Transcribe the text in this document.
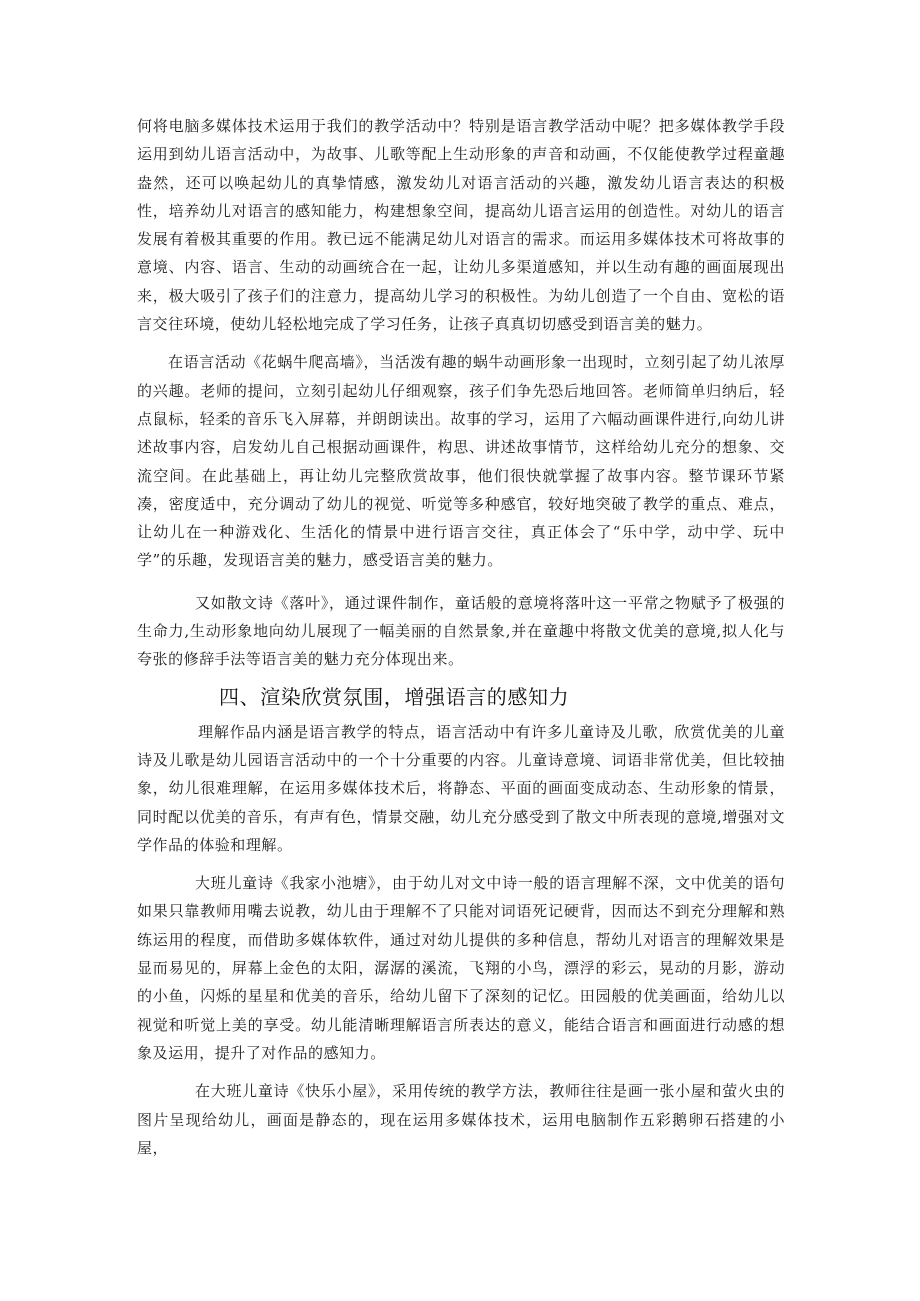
何将电脑多媒体技术运用于我们的教学活动中？特别是语言教学活动中呢？把多媒体教学手段运用到幼儿语言活动中，为故事、儿歌等配上生动形象的声音和动画，不仅能使教学过程童趣盎然，还可以唤起幼儿的真挚情感，激发幼儿对语言活动的兴趣，激发幼儿语言表达的积极性，培养幼儿对语言的感知能力，构建想象空间，提高幼儿语言运用的创造性。对幼儿的语言发展有着极其重要的作用。教已远不能满足幼儿对语言的需求。而运用多媒体技术可将故事的意境、内容、语言、生动的动画统合在一起，让幼儿多渠道感知，并以生动有趣的画面展现出来，极大吸引了孩子们的注意力，提高幼儿学习的积极性。为幼儿创造了一个自由、宽松的语言交往环境，使幼儿轻松地完成了学习任务，让孩子真真切切感受到语言美的魅力。

在语言活动《花蜗牛爬高墙》，当活泼有趣的蜗牛动画形象一出现时，立刻引起了幼儿浓厚的兴趣。老师的提问，立刻引起幼儿仔细观察，孩子们争先恐后地回答。老师简单归纳后，轻点鼠标，轻柔的音乐飞入屏幕，并朗朗读出。故事的学习，运用了六幅动画课件进行,向幼儿讲述故事内容，启发幼儿自己根据动画课件，构思、讲述故事情节，这样给幼儿充分的想象、交流空间。在此基础上，再让幼儿完整欣赏故事，他们很快就掌握了故事内容。整节课环节紧凑，密度适中，充分调动了幼儿的视觉、听觉等多种感官，较好地突破了教学的重点、难点，让幼儿在一种游戏化、生活化的情景中进行语言交往，真正体会了“乐中学，动中学、玩中学”的乐趣，发现语言美的魅力，感受语言美的魅力。

又如散文诗《落叶》，通过课件制作，童话般的意境将落叶这一平常之物赋予了极强的生命力,生动形象地向幼儿展现了一幅美丽的自然景象,并在童趣中将散文优美的意境,拟人化与夸张的修辞手法等语言美的魅力充分体现出来。

四、渲染欣赏氛围，增强语言的感知力

理解作品内涵是语言教学的特点，语言活动中有许多儿童诗及儿歌，欣赏优美的儿童诗及儿歌是幼儿园语言活动中的一个十分重要的内容。儿童诗意境、词语非常优美，但比较抽象，幼儿很难理解，在运用多媒体技术后，将静态、平面的画面变成动态、生动形象的情景，同时配以优美的音乐，有声有色，情景交融，幼儿充分感受到了散文中所表现的意境,增强对文学作品的体验和理解。

大班儿童诗《我家小池塘》，由于幼儿对文中诗一般的语言理解不深，文中优美的语句如果只靠教师用嘴去说教，幼儿由于理解不了只能对词语死记硬背，因而达不到充分理解和熟练运用的程度，而借助多媒体软件，通过对幼儿提供的多种信息，帮幼儿对语言的理解效果是显而易见的，屏幕上金色的太阳，潺潺的溪流，飞翔的小鸟，漂浮的彩云，晃动的月影，游动的小鱼，闪烁的星星和优美的音乐，给幼儿留下了深刻的记忆。田园般的优美画面，给幼儿以视觉和听觉上美的享受。幼儿能清晰理解语言所表达的意义，能结合语言和画面进行动感的想象及运用，提升了对作品的感知力。

在大班儿童诗《快乐小屋》，采用传统的教学方法，教师往往是画一张小屋和萤火虫的图片呈现给幼儿，画面是静态的，现在运用多媒体技术，运用电脑制作五彩鹅卵石搭建的小屋，
